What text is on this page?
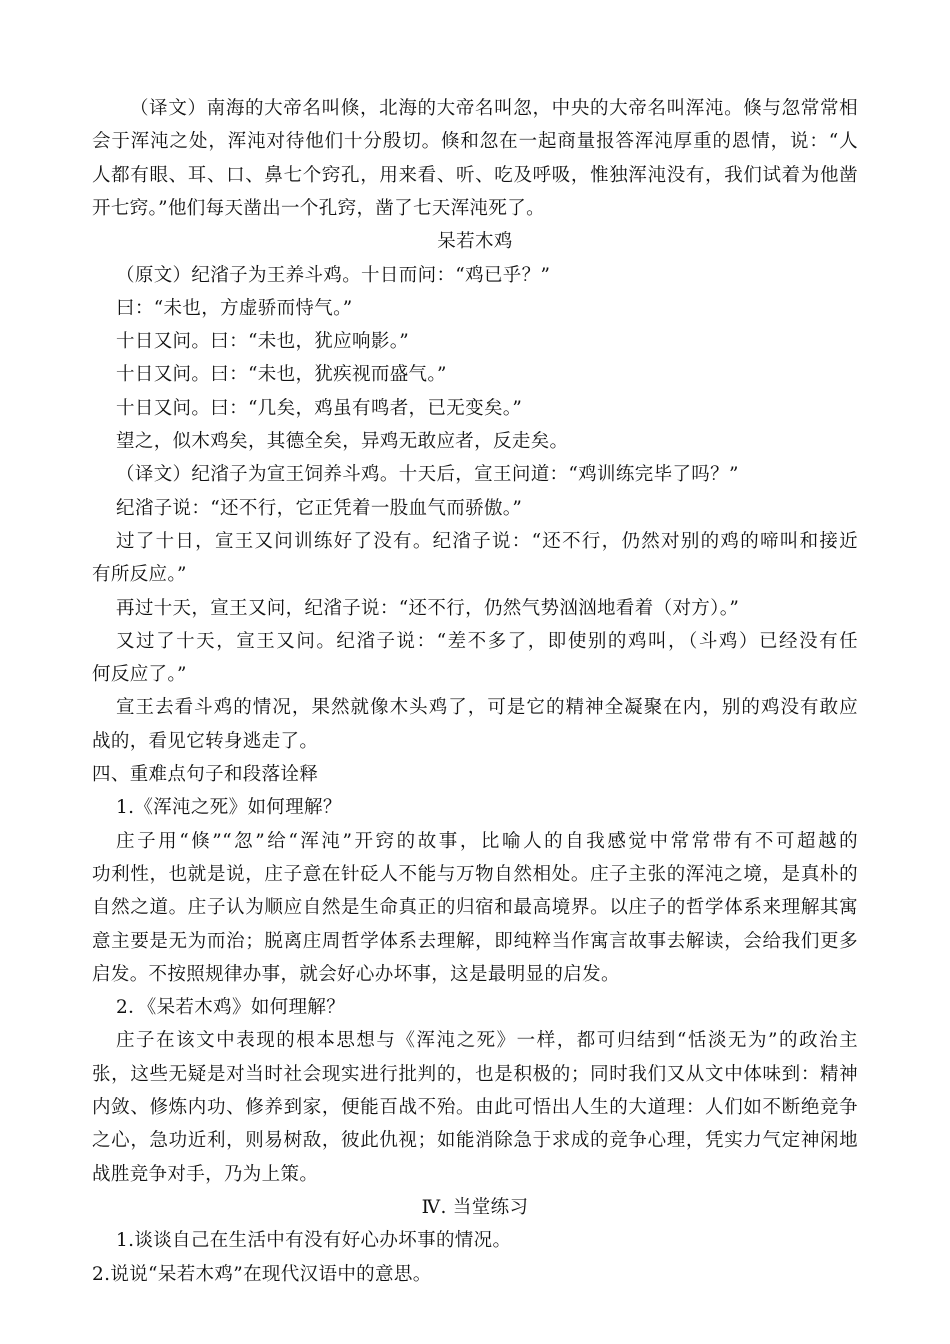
（译文）南海的大帝名叫倏，北海的大帝名叫忽，中央的大帝名叫浑沌。倏与忽常常相
会于浑沌之处，浑沌对待他们十分殷切。倏和忽在一起商量报答浑沌厚重的恩情，说：“人
人都有眼、耳、口、鼻七个窍孔，用来看、听、吃及呼吸，惟独浑沌没有，我们试着为他凿
开七窍。”他们每天凿出一个孔窍，凿了七天浑沌死了。
呆若木鸡
（原文）纪渻子为王养斗鸡。十日而问：“鸡已乎？”
曰：“未也，方虚骄而恃气。”
十日又问。曰：“未也，犹应响影。”
十日又问。曰：“未也，犹疾视而盛气。”
十日又问。曰：“几矣，鸡虽有鸣者，已无变矣。”
望之，似木鸡矣，其德全矣，异鸡无敢应者，反走矣。
（译文）纪渻子为宣王饲养斗鸡。十天后，宣王问道：“鸡训练完毕了吗？”
纪渻子说：“还不行，它正凭着一股血气而骄傲。”
过了十日，宣王又问训练好了没有。纪渻子说：“还不行，仍然对别的鸡的啼叫和接近
有所反应。”
再过十天，宣王又问，纪渻子说：“还不行，仍然气势汹汹地看着（对方）。”
又过了十天，宣王又问。纪渻子说：“差不多了，即使别的鸡叫，（斗鸡）已经没有任
何反应了。”
宣王去看斗鸡的情况，果然就像木头鸡了，可是它的精神全凝聚在内，别的鸡没有敢应
战的，看见它转身逃走了。
四、重难点句子和段落诠释
1.《浑沌之死》如何理解？
庄子用“倏”“忽”给“浑沌”开窍的故事，比喻人的自我感觉中常常带有不可超越的
功利性，也就是说，庄子意在针砭人不能与万物自然相处。庄子主张的浑沌之境，是真朴的
自然之道。庄子认为顺应自然是生命真正的归宿和最高境界。以庄子的哲学体系来理解其寓
意主要是无为而治；脱离庄周哲学体系去理解，即纯粹当作寓言故事去解读，会给我们更多
启发。不按照规律办事，就会好心办坏事，这是最明显的启发。
2．《呆若木鸡》如何理解？
庄子在该文中表现的根本思想与《浑沌之死》一样，都可归结到“恬淡无为”的政治主
张，这些无疑是对当时社会现实进行批判的，也是积极的；同时我们又从文中体味到：精神
内敛、修炼内功、修养到家，便能百战不殆。由此可悟出人生的大道理：人们如不断绝竞争
之心，急功近利，则易树敌，彼此仇视；如能消除急于求成的竞争心理，凭实力气定神闲地
战胜竞争对手，乃为上策。
Ⅳ. 当堂练习
1.谈谈自己在生活中有没有好心办坏事的情况。
2.说说“呆若木鸡”在现代汉语中的意思。
